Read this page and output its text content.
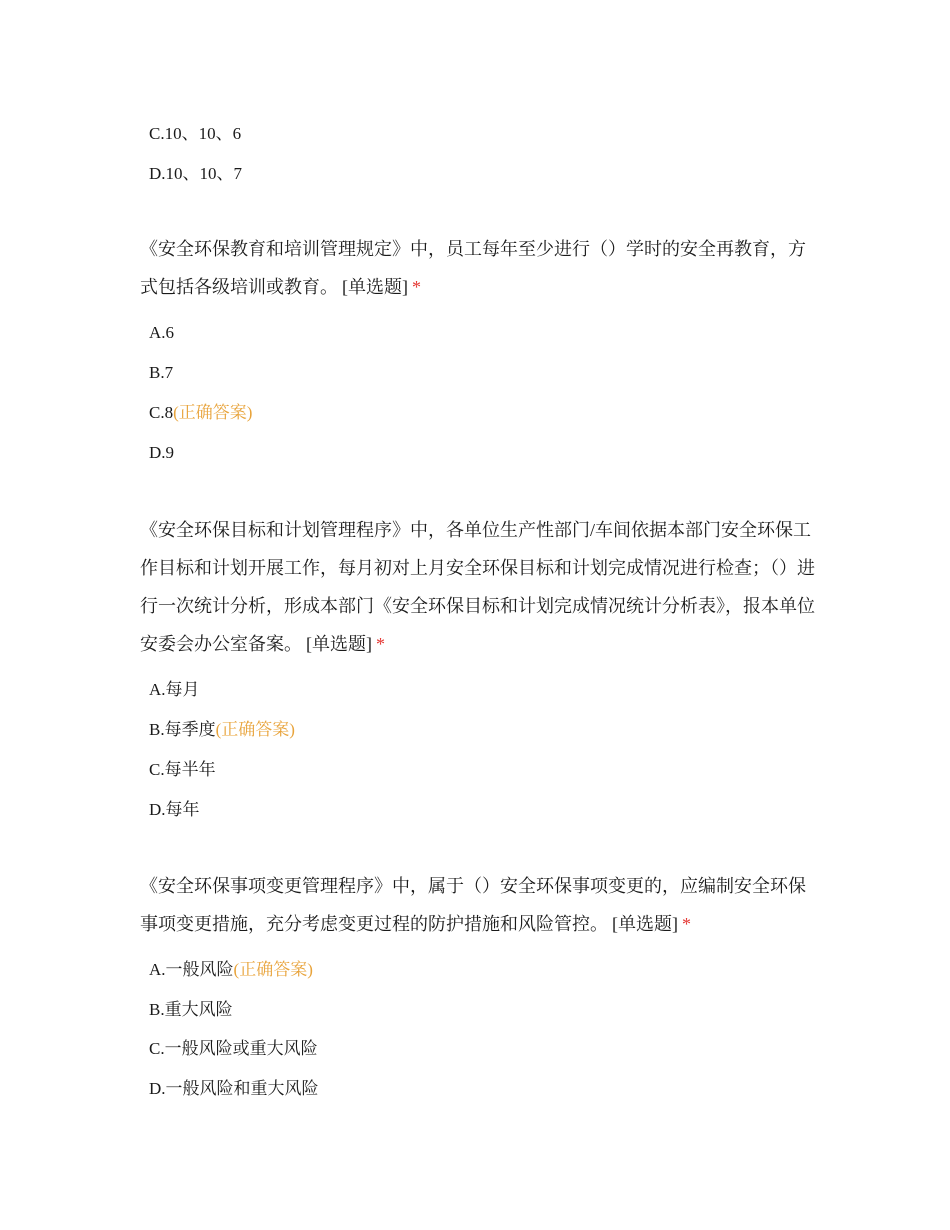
C.10、10、6
D.10、10、7
《安全环保教育和培训管理规定》中，员工每年至少进行（）学时的安全再教育，方式包括各级培训或教育。 [单选题] *
A.6
B.7
C.8(正确答案)
D.9
《安全环保目标和计划管理程序》中，各单位生产性部门/车间依据本部门安全环保工作目标和计划开展工作，每月初对上月安全环保目标和计划完成情况进行检查；（）进行一次统计分析，形成本部门《安全环保目标和计划完成情况统计分析表》，报本单位安委会办公室备案。 [单选题] *
A.每月
B.每季度(正确答案)
C.每半年
D.每年
《安全环保事项变更管理程序》中，属于（）安全环保事项变更的，应编制安全环保事项变更措施，充分考虑变更过程的防护措施和风险管控。 [单选题] *
A.一般风险(正确答案)
B.重大风险
C.一般风险或重大风险
D.一般风险和重大风险
